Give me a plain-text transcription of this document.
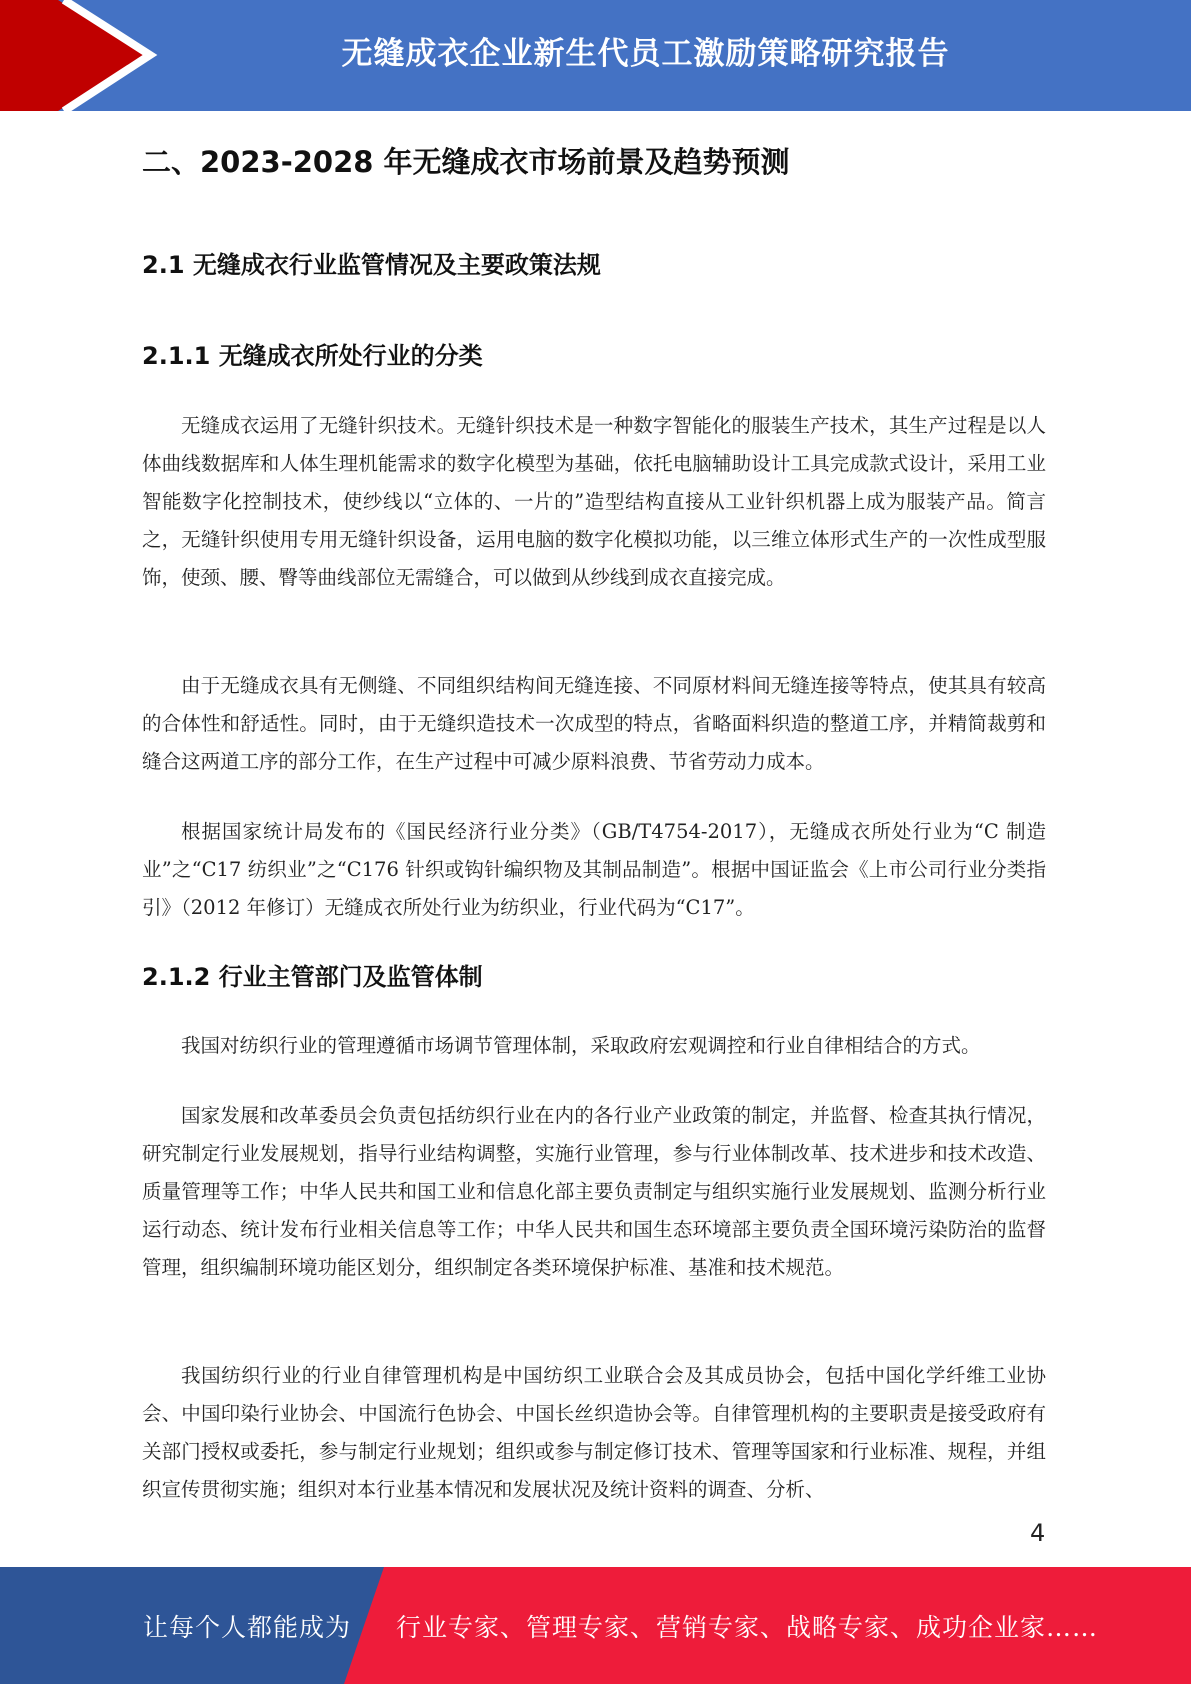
无缝成衣企业新生代员工激励策略研究报告
二、2023-2028 年无缝成衣市场前景及趋势预测
2.1 无缝成衣行业监管情况及主要政策法规
2.1.1 无缝成衣所处行业的分类

无缝成衣运用了无缝针织技术。无缝针织技术是一种数字智能化的服装生产技术，其生产过程是以人体曲线数据库和人体生理机能需求的数字化模型为基础，依托电脑辅助设计工具完成款式设计，采用工业智能数字化控制技术，使纱线以“立体的、一片的”造型结构直接从工业针织机器上成为服装产品。简言之，无缝针织使用专用无缝针织设备，运用电脑的数字化模拟功能，以三维立体形式生产的一次性成型服饰，使颈、腰、臀等曲线部位无需缝合，可以做到从纱线到成衣直接完成。

由于无缝成衣具有无侧缝、不同组织结构间无缝连接、不同原材料间无缝连接等特点，使其具有较高的合体性和舒适性。同时，由于无缝织造技术一次成型的特点，省略面料织造的整道工序，并精简裁剪和缝合这两道工序的部分工作，在生产过程中可减少原料浪费、节省劳动力成本。

根据国家统计局发布的《国民经济行业分类》（GB/T4754-2017），无缝成衣所处行业为“C 制造业”之“C17 纺织业”之“C176 针织或钩针编织物及其制品制造”。根据中国证监会《上市公司行业分类指引》（2012 年修订）无缝成衣所处行业为纺织业，行业代码为“C17”。

2.1.2 行业主管部门及监管体制

我国对纺织行业的管理遵循市场调节管理体制，采取政府宏观调控和行业自律相结合的方式。

国家发展和改革委员会负责包括纺织行业在内的各行业产业政策的制定，并监督、检查其执行情况，研究制定行业发展规划，指导行业结构调整，实施行业管理，参与行业体制改革、技术进步和技术改造、质量管理等工作；中华人民共和国工业和信息化部主要负责制定与组织实施行业发展规划、监测分析行业运行动态、统计发布行业相关信息等工作；中华人民共和国生态环境部主要负责全国环境污染防治的监督管理，组织编制环境功能区划分，组织制定各类环境保护标准、基准和技术规范。

我国纺织行业的行业自律管理机构是中国纺织工业联合会及其成员协会，包括中国化学纤维工业协会、中国印染行业协会、中国流行色协会、中国长丝织造协会等。自律管理机构的主要职责是接受政府有关部门授权或委托，参与制定行业规划；组织或参与制定修订技术、管理等国家和行业标准、规程，并组织宣传贯彻实施；组织对本行业基本情况和发展状况及统计资料的调查、分析、

4
让每个人都能成为 行业专家、管理专家、营销专家、战略专家、成功企业家……
